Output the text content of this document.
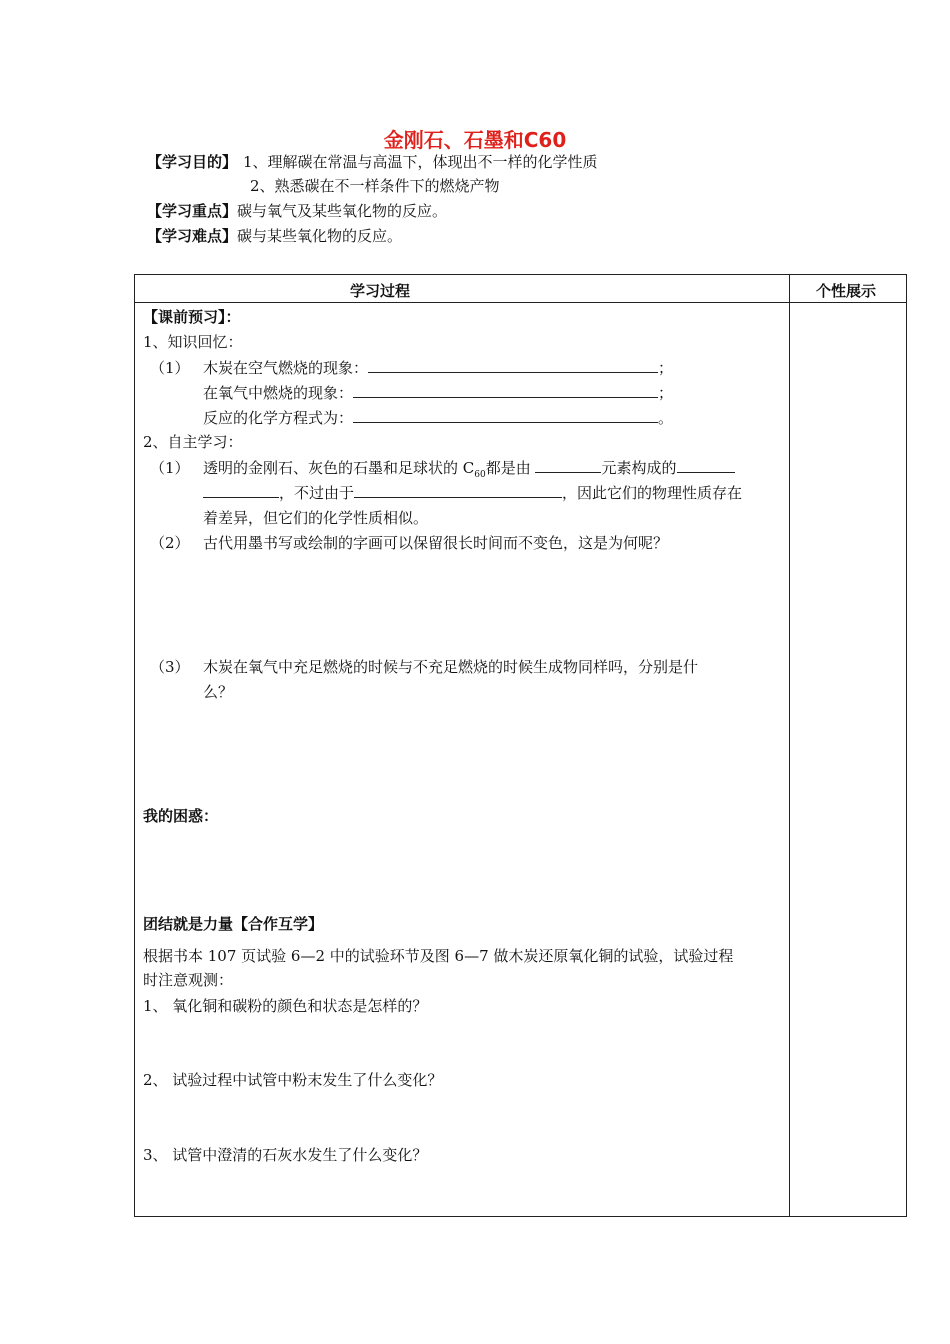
金刚石、石墨和C60
【学习目的】 1、理解碳在常温与高温下，体现出不一样的化学性质
2、熟悉碳在不一样条件下的燃烧产物
【学习重点】碳与氧气及某些氧化物的反应。
【学习难点】碳与某些氧化物的反应。
学习过程	个性展示
【课前预习】：
1、知识回忆：
（1） 木炭在空气燃烧的现象：	；
在氧气中燃烧的现象：	；
反应的化学方程式为：	。
2、自主学习：
（1） 透明的金刚石、灰色的石墨和足球状的 $C_{60}$都是由	元素构成的
，不过由于	，因此它们的物理性质存在
着差异，但它们的化学性质相似。
（2） 古代用墨书写或绘制的字画可以保留很长时间而不变色，这是为何呢？
（3） 木炭在氧气中充足燃烧的时候与不充足燃烧的时候生成物同样吗，分别是什
么？
我的困惑：
团结就是力量【合作互学】
根据书本 107 页试验 6—2 中的试验环节及图 6—7 做木炭还原氧化铜的试验，试验过程
时注意观测：
1、 氧化铜和碳粉的颜色和状态是怎样的？
2、 试验过程中试管中粉末发生了什么变化？
3、 试管中澄清的石灰水发生了什么变化？
